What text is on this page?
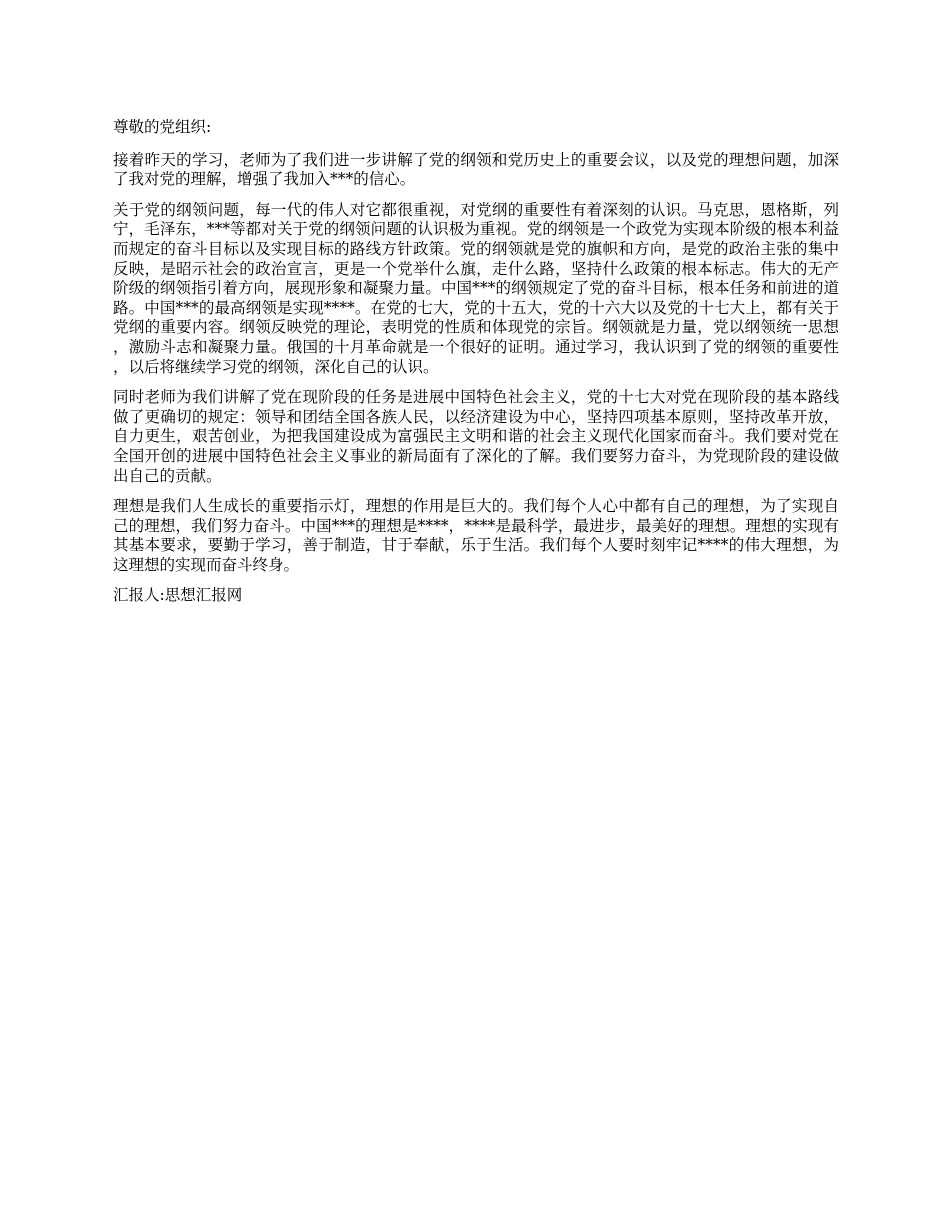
尊敬的党组织:

接着昨天的学习，老师为了我们进一步讲解了党的纲领和党历史上的重要会议，以及党的理想问题，加深了我对党的理解，增强了我加入***的信心。

关于党的纲领问题，每一代的伟人对它都很重视，对党纲的重要性有着深刻的认识。马克思，恩格斯，列宁，毛泽东，***等都对关于党的纲领问题的认识极为重视。党的纲领是一个政党为实现本阶级的根本利益而规定的奋斗目标以及实现目标的路线方针政策。党的纲领就是党的旗帜和方向，是党的政治主张的集中反映，是昭示社会的政治宣言，更是一个党举什么旗，走什么路，坚持什么政策的根本标志。伟大的无产阶级的纲领指引着方向，展现形象和凝聚力量。中国***的纲领规定了党的奋斗目标，根本任务和前进的道路。中国***的最高纲领是实现****。在党的七大，党的十五大，党的十六大以及党的十七大上，都有关于党纲的重要内容。纲领反映党的理论，表明党的性质和体现党的宗旨。纲领就是力量，党以纲领统一思想，激励斗志和凝聚力量。俄国的十月革命就是一个很好的证明。通过学习，我认识到了党的纲领的重要性，以后将继续学习党的纲领，深化自己的认识。

同时老师为我们讲解了党在现阶段的任务是进展中国特色社会主义，党的十七大对党在现阶段的基本路线做了更确切的规定：领导和团结全国各族人民，以经济建设为中心，坚持四项基本原则，坚持改革开放，自力更生，艰苦创业，为把我国建设成为富强民主文明和谐的社会主义现代化国家而奋斗。我们要对党在全国开创的进展中国特色社会主义事业的新局面有了深化的了解。我们要努力奋斗，为党现阶段的建设做出自己的贡献。

理想是我们人生成长的重要指示灯，理想的作用是巨大的。我们每个人心中都有自己的理想，为了实现自己的理想，我们努力奋斗。中国***的理想是****，****是最科学，最进步，最美好的理想。理想的实现有其基本要求，要勤于学习，善于制造，甘于奉献，乐于生活。我们每个人要时刻牢记****的伟大理想，为这理想的实现而奋斗终身。

汇报人:思想汇报网
